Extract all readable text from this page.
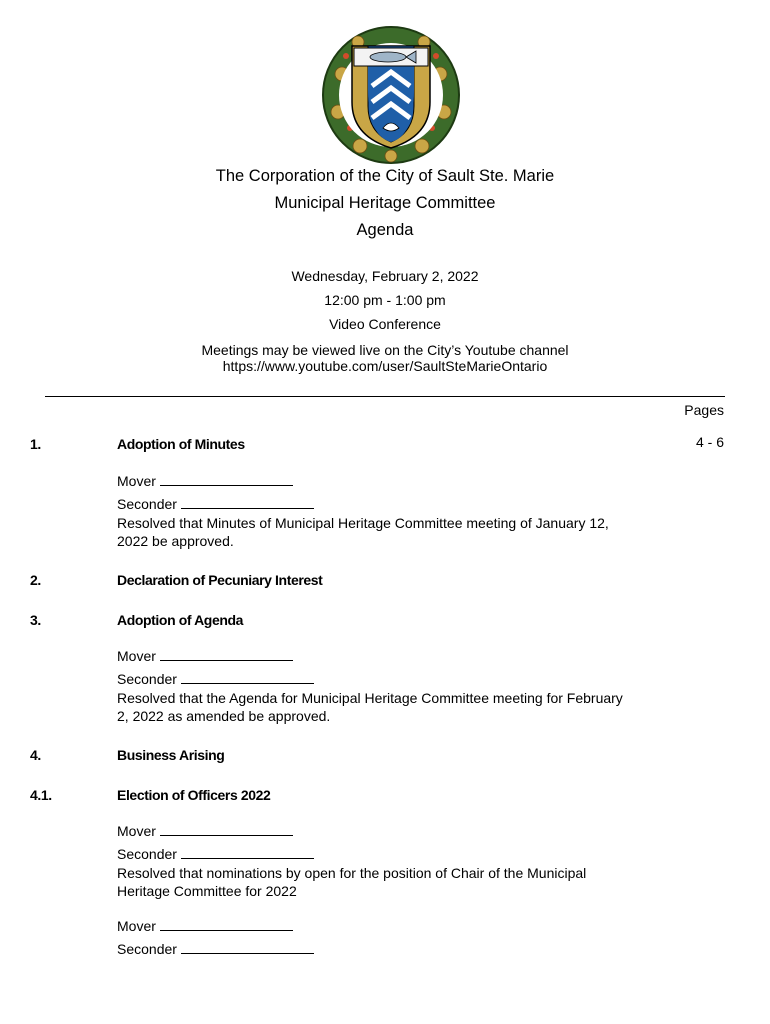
The Corporation of the City of Sault Ste. Marie
Municipal Heritage Committee
Agenda
Wednesday, February 2, 2022
12:00 pm - 1:00 pm
Video Conference
Meetings may be viewed live on the City’s Youtube channel
https://www.youtube.com/user/SaultSteMarieOntario
Pages
1.	Adoption of Minutes	4 - 6
Mover
Seconder
Resolved that Minutes of Municipal Heritage Committee meeting of January 12, 2022 be approved.
2.	Declaration of Pecuniary Interest
3.	Adoption of Agenda
Mover
Seconder
Resolved that the Agenda for Municipal Heritage Committee meeting for February 2, 2022 as amended be approved.
4.	Business Arising
4.1.	Election of Officers 2022
Mover
Seconder
Resolved that nominations by open for the position of Chair of the Municipal Heritage Committee for 2022
Mover
Seconder
